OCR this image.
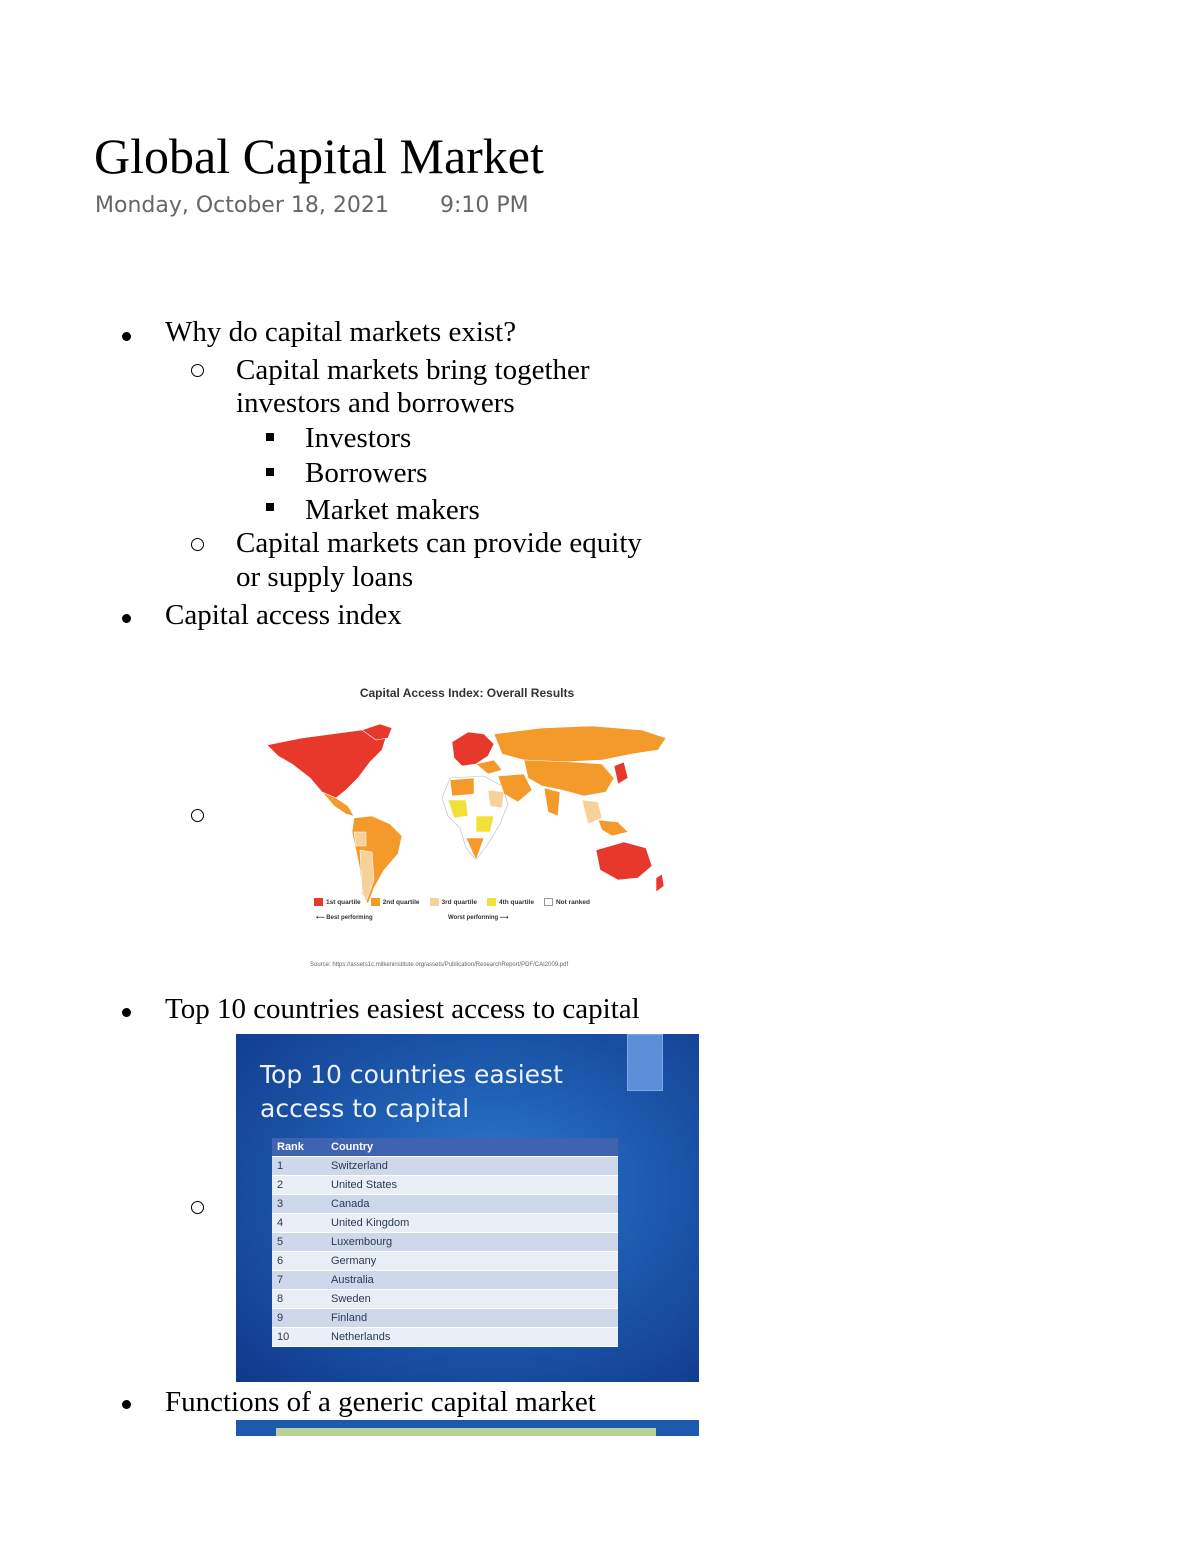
Global Capital Market
Monday, October 18, 2021 9:10 PM
Why do capital markets exist?
Capital markets bring together
investors and borrowers
Investors
Borrowers
Market makers
Capital markets can provide equity
or supply loans
Capital access index
Top 10 countries easiest access to capital
Functions of a generic capital market
Capital Access Index: Overall Results
1st quartile	2nd quartile	3rd quartile	4th quartile	Not ranked
⟵ Best performing	Worst performing ⟶
Source: https://assets1c.milkeninstitute.org/assets/Publication/ResearchReport/PDF/CAI2009.pdf
Top 10 countries easiest access to capital
Rank	Country
1	Switzerland
2	United States
3	Canada
4	United Kingdom
5	Luxembourg
6	Germany
7	Australia
8	Sweden
9	Finland
10	Netherlands
